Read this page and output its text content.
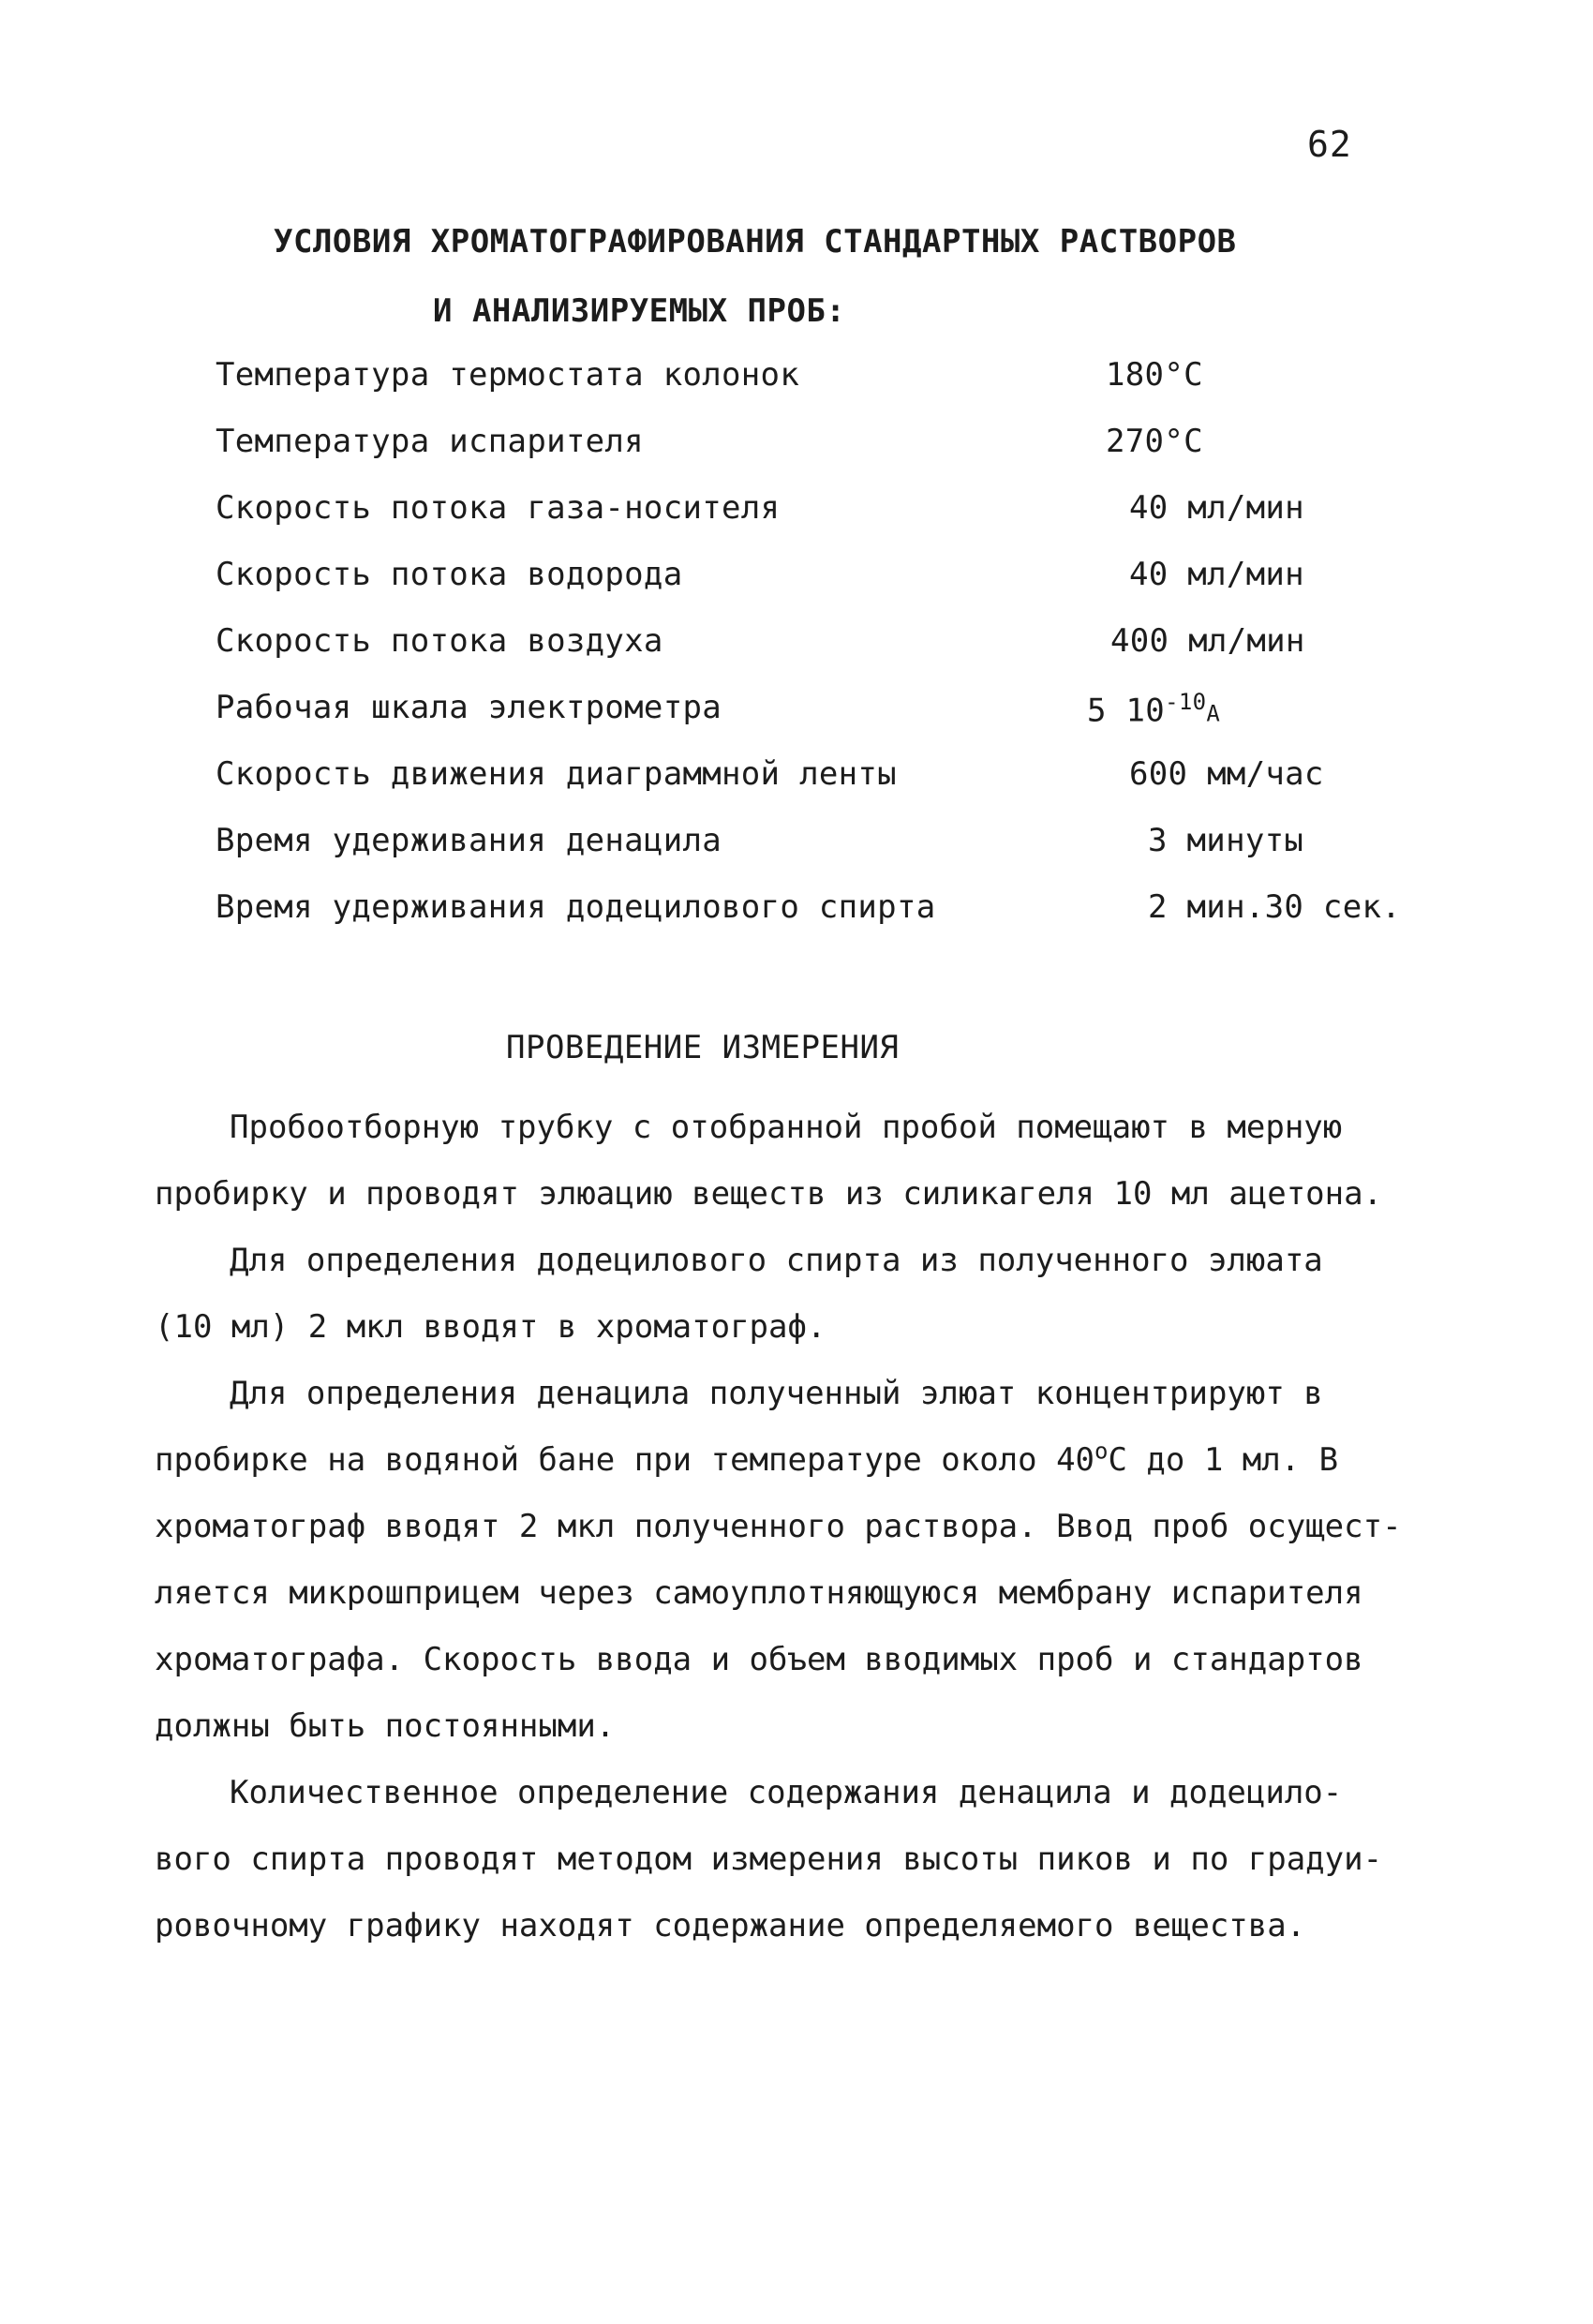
62
УСЛОВИЯ ХРОМАТОГРАФИРОВАНИЯ СТАНДАРТНЫХ РАСТВОРОВ
И АНАЛИЗИРУЕМЫХ ПРОБ:
Температура термостата колонок	180°C
Температура испарителя	270°C
Скорость потока газа-носителя	40 мл/мин
Скорость потока водорода	40 мл/мин
Скорость потока воздуха	400 мл/мин
Рабочая шкала электрометра	5 $10^{-10}А$
Скорость движения диаграммной ленты	600 мм/час
Время удерживания денацила	3 минуты
Время удерживания додецилового спирта	2 мин.30 сек.
ПРОВЕДЕНИЕ ИЗМЕРЕНИЯ
Пробоотборную трубку с отобранной пробой помещают в мерную
пробирку и проводят элюацию веществ из силикагеля 10 мл ацетона.
Для определения додецилового спирта из полученного элюата
(10 мл) 2 мкл вводят в хроматограф.
Для определения денацила полученный элюат концентрируют в
пробирке на водяной бане при температуре около $40^оС$ до 1 мл. В
хроматограф вводят 2 мкл полученного раствора. Ввод проб осущест-
ляется микрошприцем через самоуплотняющуюся мембрану испарителя
хроматографа. Скорость ввода и объем вводимых проб и стандартов
должны быть постоянными.
Количественное определение содержания денацила и додецило-
вого спирта проводят методом измерения высоты пиков и по градуи-
ровочному графику находят содержание определяемого вещества.
